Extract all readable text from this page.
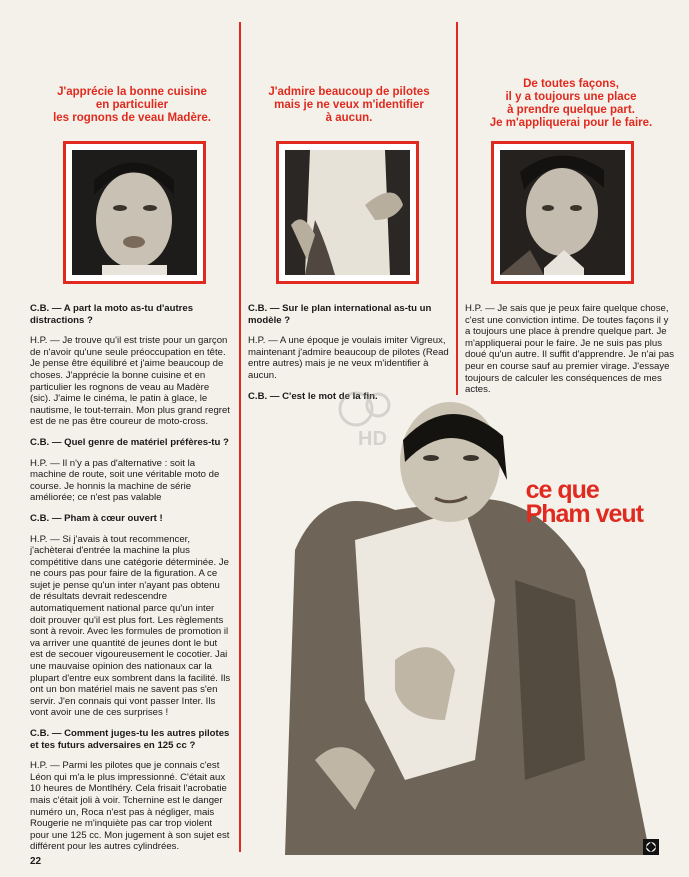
J'apprécie la bonne cuisine
en particulier
les rognons de veau Madère.
J'admire beaucoup de pilotes
mais je ne veux m'identifier
à aucun.
De toutes façons,
il y a toujours une place
à prendre quelque part.
Je m'appliquerai pour le faire.

C.B. — A part la moto as-tu d'autres distractions ?

H.P. — Je trouve qu'il est triste pour un garçon de n'avoir qu'une seule préoccupation en tête. Je pense être équilibré et j'aime beaucoup de choses. J'apprécie la bonne cuisine et en particulier les rognons de veau au Madère (sic). J'aime le cinéma, le patin à glace, le nautisme, le tout-terrain. Mon plus grand regret est de ne pas être coureur de moto-cross.

C.B. — Quel genre de matériel préfères-tu ?

H.P. — Il n'y a pas d'alternative : soit la machine de route, soit une véritable moto de course. Je honnis la machine de série améliorée; ce n'est pas valable

C.B. — Pham à cœur ouvert !

H.P. — Si j'avais à tout recommencer, j'achèterai d'entrée la machine la plus compétitive dans une catégorie déterminée. Je ne cours pas pour faire de la figuration. A ce sujet je pense qu'un inter n'ayant pas obtenu de résultats devrait redescendre automatiquement national parce qu'un inter doit prouver qu'il est plus fort. Les règlements sont à revoir. Avec les formules de promotion il va arriver une quantité de jeunes dont le but est de secouer vigoureusement le cocotier. Jai une mauvaise opinion des nationaux car la plupart d'entre eux sombrent dans la facilité. Ils ont un bon matériel mais ne savent pas s'en servir. J'en connais qui vont passer Inter. Ils vont avoir une de ces surprises !

C.B. — Comment juges-tu les autres pilotes et tes futurs adversaires en 125 cc ?

H.P. — Parmi les pilotes que je connais c'est Léon qui m'a le plus impressionné. C'était aux 10 heures de Montlhéry. Cela frisait l'acrobatie mais c'était joli à voir. Tchernine est le danger numéro un, Roca n'est pas à négliger, mais Rougerie ne m'inquiète pas car trop violent pour une 125 cc. Mon jugement à son sujet est différent pour les autres cylindrées.

C.B. — Sur le plan international as-tu un modèle ?

H.P. — A une époque je voulais imiter Vigreux, maintenant j'admire beaucoup de pilotes (Read entre autres) mais je ne veux m'identifier à aucun.

C.B. — C'est le mot de la fin.

H.P. — Je sais que je peux faire quelque chose, c'est une conviction intime. De toutes façons il y a toujours une place à prendre quelque part. Je m'appliquerai pour le faire. Je ne suis pas plus doué qu'un autre. Il suffit d'apprendre. Je n'ai pas peur en course sauf au premier virage. J'essaye toujours de calculer les conséquences de mes actes.

HD
ce que
Pham veut
22
